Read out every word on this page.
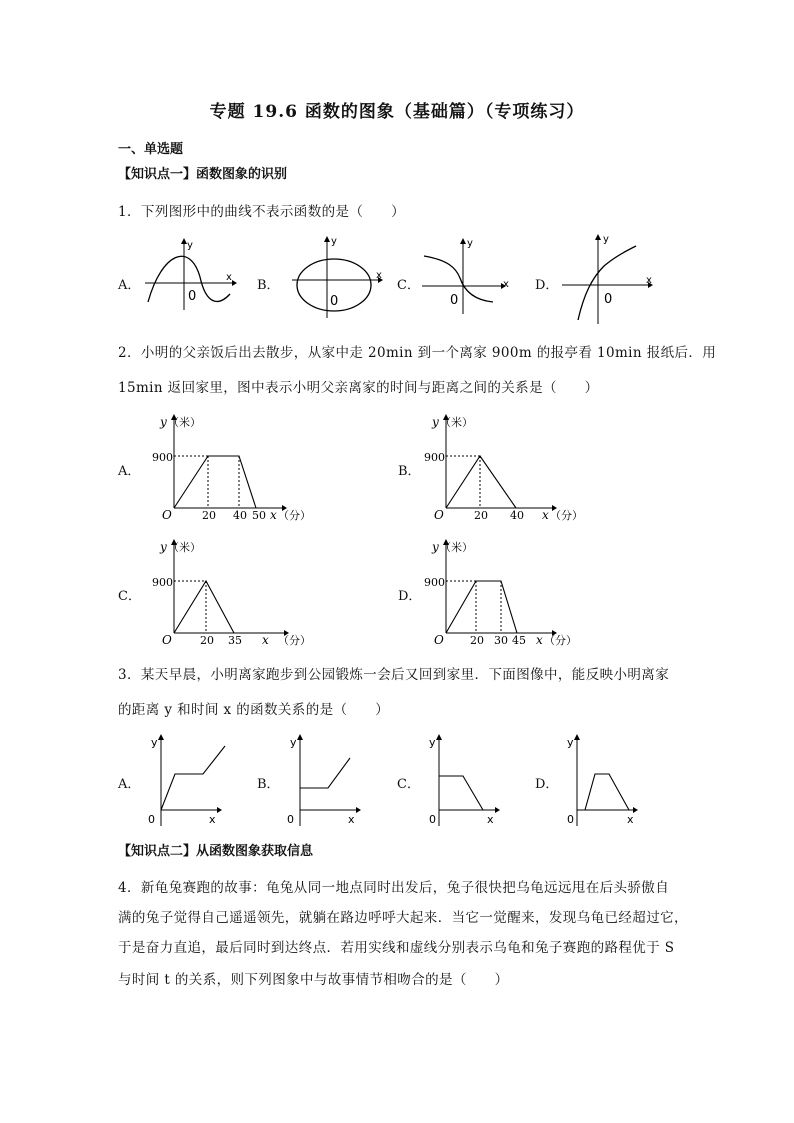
专题 19.6 函数的图象（基础篇）（专项练习）
一、单选题
【知识点一】函数图象的识别
1．下列图形中的曲线不表示函数的是（　　）
A．	B．	C．	D．
y
x
0
y
x
0
y
x
0
y
x
0
2．小明的父亲饭后出去散步，从家中走 20min 到一个离家 900m 的报亭看 10min 报纸后．用
15min 返回家里，图中表示小明父亲离家的时间与距离之间的关系是（　　）
A．	B．
C．	D．
y （米）
O
900
20 40 50 x （分）
y （米）
O
900
20 40 x （分）
y （米）
O
900
20 35 x （分）
y （米）
O
900
20 30 45 x （分）
3．某天早晨，小明离家跑步到公园锻炼一会后又回到家里．下面图像中，能反映小明离家
的距离 y 和时间 x 的函数关系的是（　　）
A．	B．	C．	D．
y
0	x
y
0	x
y
0	x
y
0	x
【知识点二】从函数图象获取信息
4．新龟兔赛跑的故事：龟兔从同一地点同时出发后，兔子很快把乌龟远远甩在后头骄傲自
满的兔子觉得自己遥遥领先，就躺在路边呼呼大起来．当它一觉醒来，发现乌龟已经超过它，
于是奋力直追，最后同时到达终点．若用实线和虚线分别表示乌龟和兔子赛跑的路程优于 S
与时间 t 的关系，则下列图象中与故事情节相吻合的是（　　）
